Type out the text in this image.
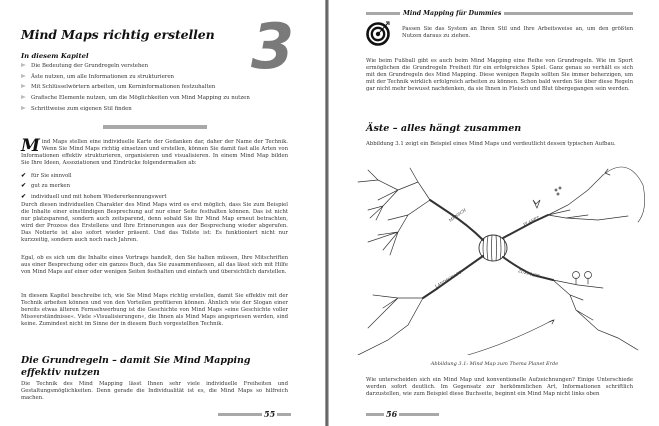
Mind Maps richtig erstellen 3
In diesem Kapitel
Die Bedeutung der Grundregeln verstehen
Äste nutzen, um alle Informationen zu strukturieren
Mit Schlüsselwörtern arbeiten, um Kerninformationen festzuhalten
Grafische Elemente nutzen, um die Möglichkeiten von Mind Mapping zu nutzen
Schrittweise zum eigenen Stil finden

Mind Maps stellen eine individuelle Karte der Gedanken dar, daher der Name der Technik. Wenn Sie Mind Maps richtig einsetzen und erstellen, können Sie damit fast alle Arten von Informationen effektiv strukturieren, organisieren und visualisieren. In einem Mind Map bilden Sie Ihre Ideen, Assoziationen und Eindrücke folgendermaßen ab:

✔ für Sie sinnvoll
✔ gut zu merken
✔ individuell und mit hohem Wiedererkennungswert

Durch diesen individuellen Charakter des Mind Maps wird es erst möglich, dass Sie zum Beispiel die Inhalte einer einstündigen Besprechung auf nur einer Seite festhalten können. Das ist nicht nur platzsparend, sondern auch zeitsparend, denn sobald Sie Ihr Mind Map erneut betrachten, wird der Prozess des Erstellens und Ihre Erinnerungen aus der Besprechung wieder abgerufen. Das Notierte ist also sofort wieder präsent. Und das Tollste ist: Es funktioniert nicht nur kurzzeitig, sondern auch noch nach Jahren.

Egal, ob es sich um die Inhalte eines Vortrags handelt, den Sie halten müssen, Ihre Mitschriften aus einer Besprechung oder ein ganzes Buch, das Sie zusammenfassen, all das lässt sich mit Hilfe von Mind Maps auf einer oder wenigen Seiten festhalten und einfach und übersichtlich darstellen.

In diesem Kapitel beschreibe ich, wie Sie Mind Maps richtig erstellen, damit Sie effektiv mit der Technik arbeiten können und von den Vorteilen profitieren können. Ähnlich wie der Slogan einer bereits etwas älteren Fernsehwerbung ist die Geschichte von Mind Maps »eine Geschichte voller Missverständnisse«. Viele »Visualisierungen«, die Ihnen als Mind Maps angepriesen werden, sind keine. Zumindest nicht im Sinne der in diesem Buch vorgestellten Technik.

Die Grundregeln – damit Sie Mind Mapping effektiv nutzen

Die Technik des Mind Mapping lässt Ihnen sehr viele individuelle Freiheiten und Gestaltungsmöglichkeiten. Denn gerade die Individualität ist es, die Mind Maps so hilfreich machen.

55
Mind Mapping für Dummies

Passen Sie das System an Ihren Stil und Ihre Arbeitsweise an, um den größten Nutzen daraus zu ziehen.

Wie beim Fußball gibt es auch beim Mind Mapping eine Reihe von Grundregeln. Wie im Sport ermöglichen die Grundregeln Freiheit für ein erfolgreiches Spiel. Ganz genau so verhält es sich mit den Grundregeln des Mind Mapping. Diese wenigen Regeln sollten Sie immer beherzigen, um mit der Technik wirklich erfolgreich arbeiten zu können. Schon bald werden Sie über diese Regeln gar nicht mehr bewusst nachdenken, da sie Ihnen in Fleisch und Blut übergegangen sein werden.

Äste – alles hängt zusammen

Abbildung 3.1 zeigt ein Beispiel eines Mind Maps und verdeutlicht dessen typischen Aufbau.

MENSCH	PLANET
LANDSCHAFT	ZUKUNFT

Abbildung 3.1: Mind Map zum Thema Planet Erde

Wie unterscheiden sich ein Mind Map und konventionelle Aufzeichnungen? Einige Unterschiede werden sofort deutlich. Im Gegensatz zur herkömmlichen Art, Informationen schriftlich darzustellen, wie zum Beispiel diese Buchseite, beginnt ein Mind Map nicht links oben

56
